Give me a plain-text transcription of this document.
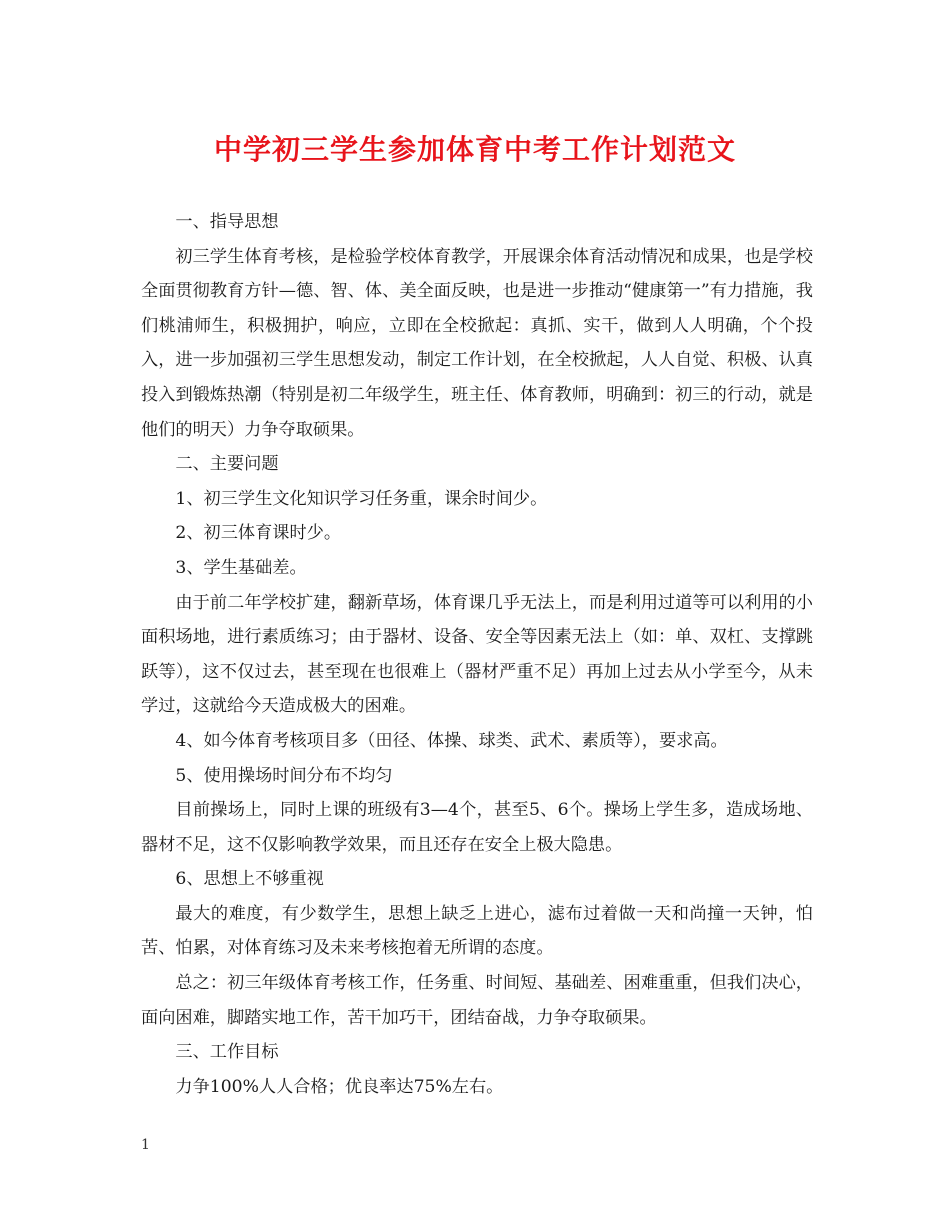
中学初三学生参加体育中考工作计划范文

一、指导思想

初三学生体育考核，是检验学校体育教学，开展课余体育活动情况和成果，也是学校全面贯彻教育方针—德、智、体、美全面反映，也是进一步推动“健康第一”有力措施，我们桃浦师生，积极拥护，响应，立即在全校掀起：真抓、实干，做到人人明确，个个投入，进一步加强初三学生思想发动，制定工作计划，在全校掀起，人人自觉、积极、认真投入到锻炼热潮（特别是初二年级学生，班主任、体育教师，明确到：初三的行动，就是他们的明天）力争夺取硕果。

二、主要问题

1、初三学生文化知识学习任务重，课余时间少。

2、初三体育课时少。

3、学生基础差。

由于前二年学校扩建，翻新草场，体育课几乎无法上，而是利用过道等可以利用的小面积场地，进行素质练习；由于器材、设备、安全等因素无法上（如：单、双杠、支撑跳跃等），这不仅过去，甚至现在也很难上（器材严重不足）再加上过去从小学至今，从未学过，这就给今天造成极大的困难。

4、如今体育考核项目多（田径、体操、球类、武术、素质等），要求高。

5、使用操场时间分布不均匀

目前操场上，同时上课的班级有3—4个，甚至5、6个。操场上学生多，造成场地、器材不足，这不仅影响教学效果，而且还存在安全上极大隐患。

6、思想上不够重视

最大的难度，有少数学生，思想上缺乏上进心，滤布过着做一天和尚撞一天钟，怕苦、怕累，对体育练习及未来考核抱着无所谓的态度。

总之：初三年级体育考核工作，任务重、时间短、基础差、困难重重，但我们决心，面向困难，脚踏实地工作，苦干加巧干，团结奋战，力争夺取硕果。

三、工作目标

力争100%人人合格；优良率达75%左右。

1
